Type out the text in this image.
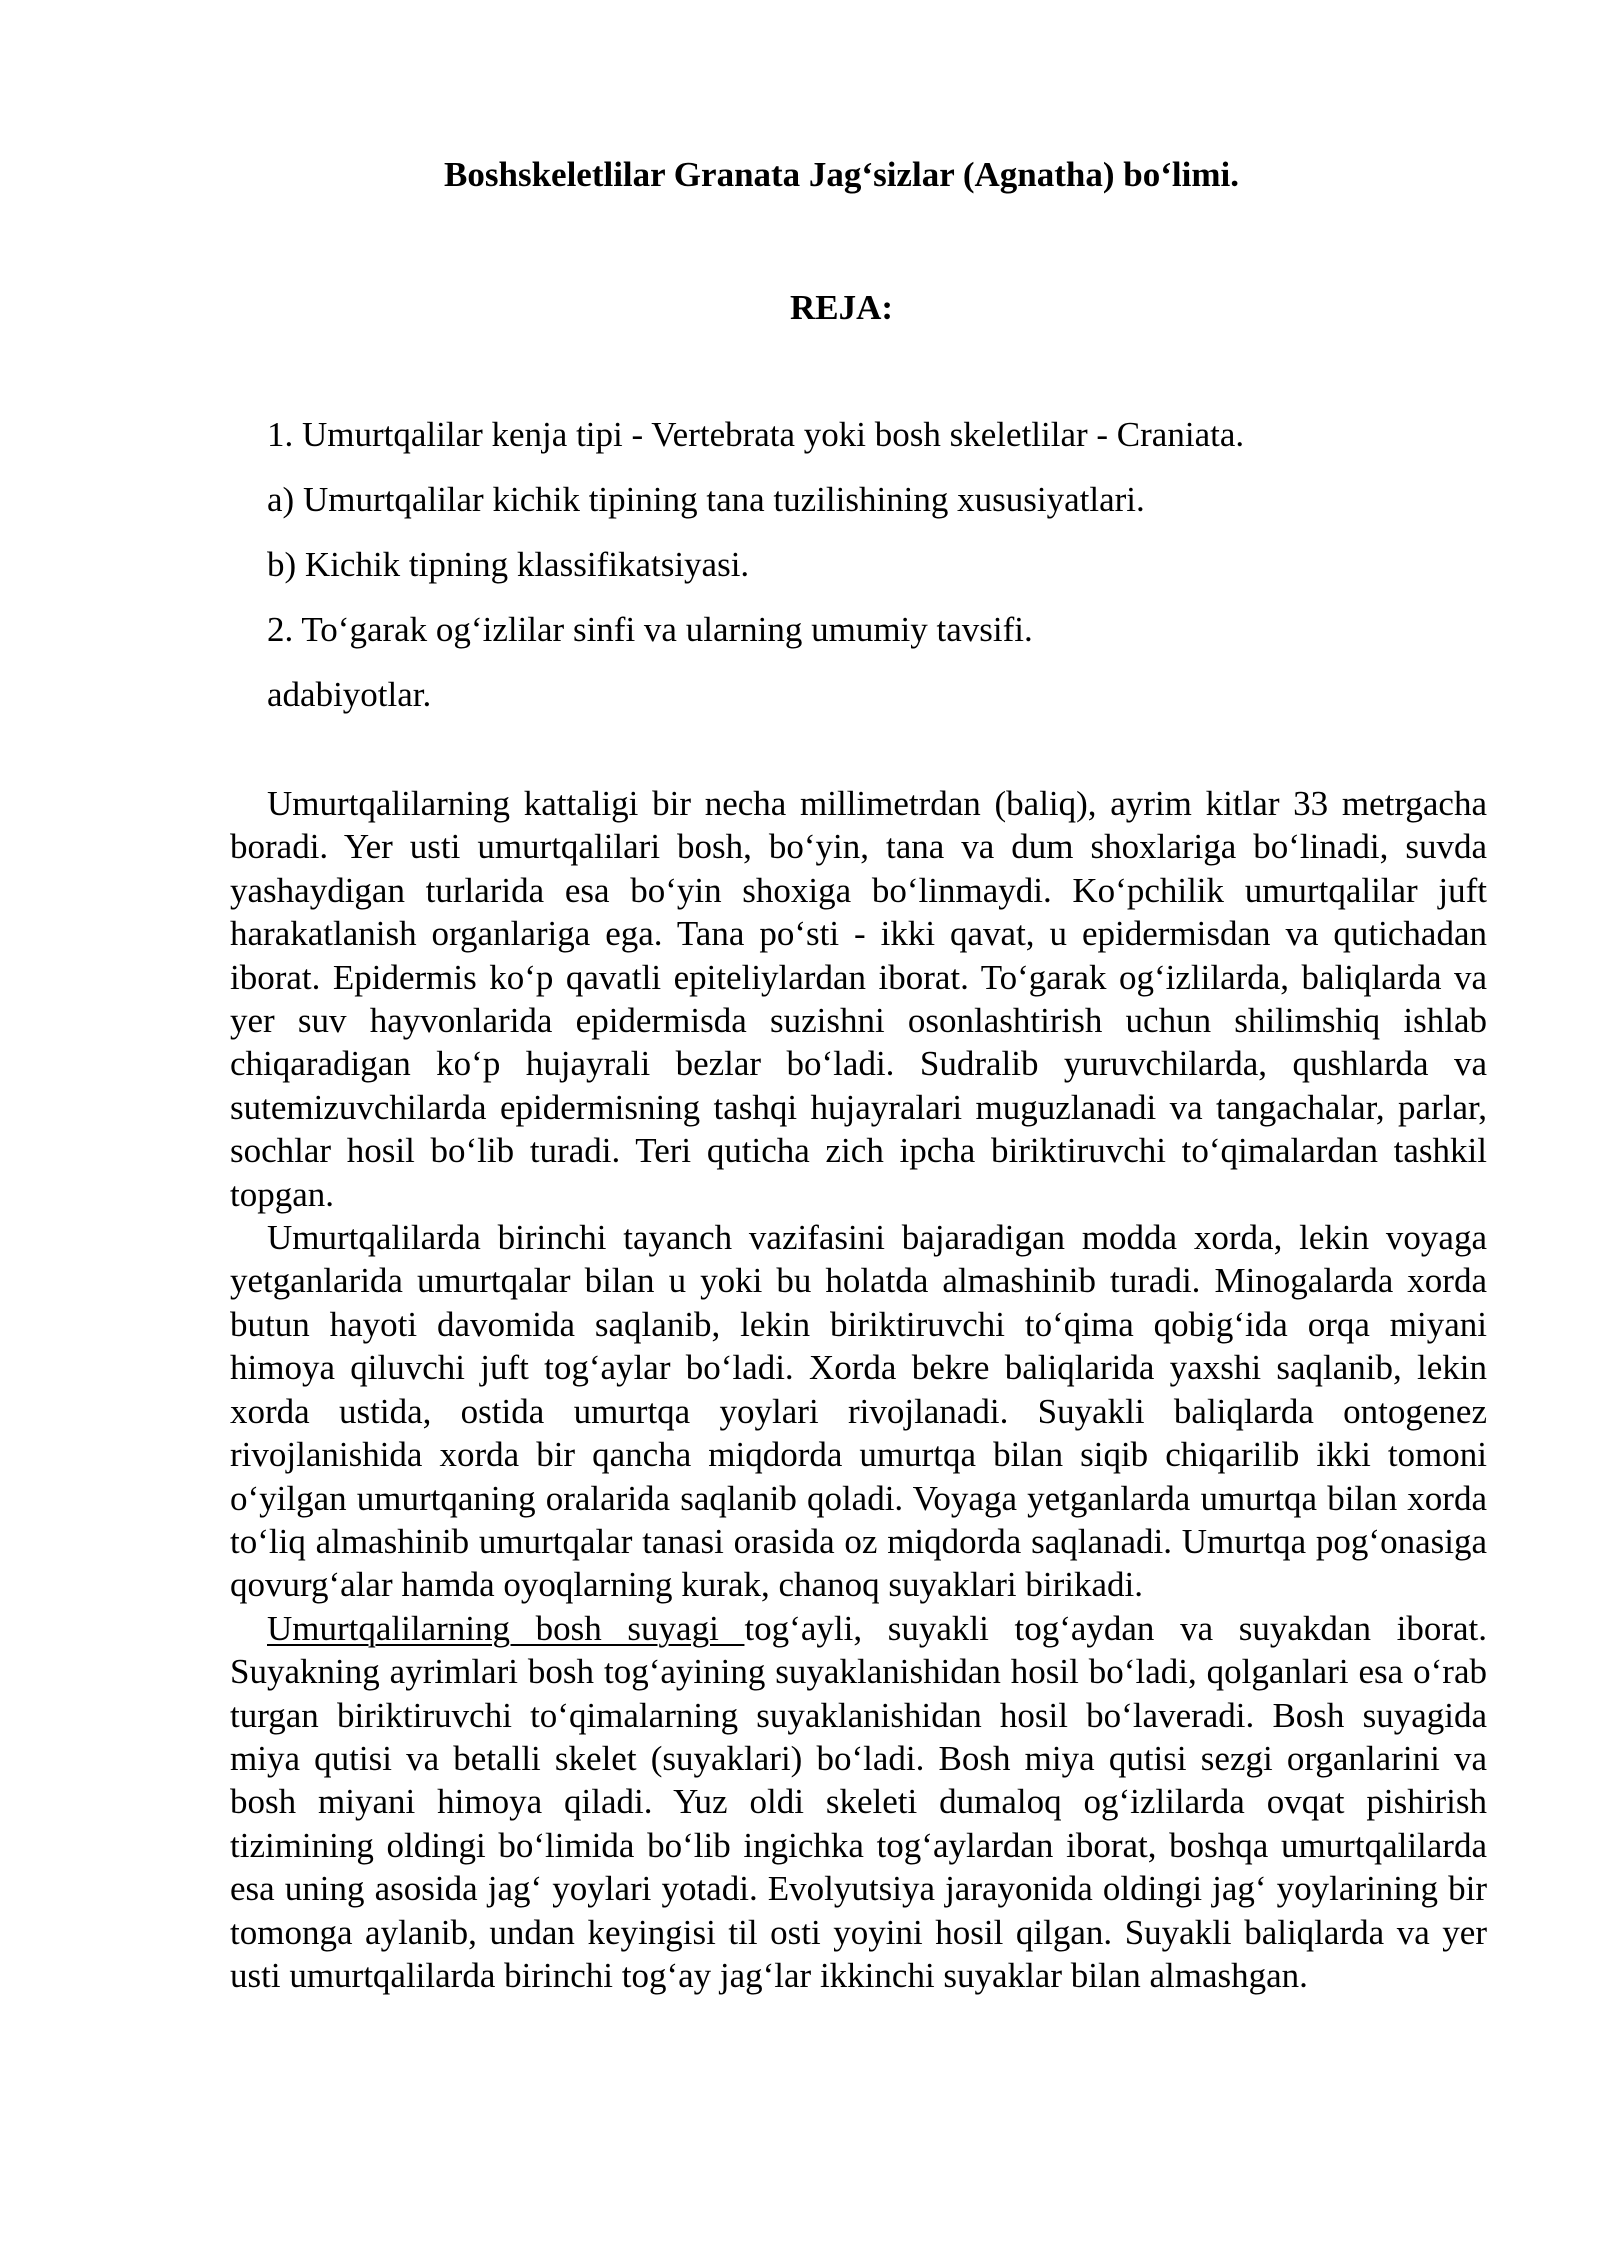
Boshskeletlilar Granata Jag‘sizlar (Agnatha) bo‘limi.
REJA:
1. Umurtqalilar kenja tipi - Vertebrata yoki bosh skeletlilar - Craniata.
a) Umurtqalilar kichik tipining tana tuzilishining xususiyatlari.
b) Kichik tipning klassifikatsiyasi.
2. To‘garak og‘izlilar sinfi va ularning umumiy tavsifi.
adabiyotlar.

Umurtqalilarning kattaligi bir necha millimetrdan (baliq), ayrim kitlar 33 metrgacha boradi. Yer usti umurtqalilari bosh, bo‘yin, tana va dum shoxlariga bo‘linadi, suvda yashaydigan turlarida esa bo‘yin shoxiga bo‘linmaydi. Ko‘pchilik umurtqalilar juft harakatlanish organlariga ega. Tana po‘sti - ikki qavat, u epidermisdan va qutichadan iborat. Epidermis ko‘p qavatli epiteliylardan iborat. To‘garak og‘izlilarda, baliqlarda va yer suv hayvonlarida epidermisda suzishni osonlashtirish uchun shilimshiq ishlab chiqaradigan ko‘p hujayrali bezlar bo‘ladi. Sudralib yuruvchilarda, qushlarda va sutemizuvchilarda epidermisning tashqi hujayralari muguzlanadi va tangachalar, parlar, sochlar hosil bo‘lib turadi. Teri quticha zich ipcha biriktiruvchi to‘qimalardan tashkil topgan.

Umurtqalilarda birinchi tayanch vazifasini bajaradigan modda xorda, lekin voyaga yetganlarida umurtqalar bilan u yoki bu holatda almashinib turadi. Minogalarda xorda butun hayoti davomida saqlanib, lekin biriktiruvchi to‘qima qobig‘ida orqa miyani himoya qiluvchi juft tog‘aylar bo‘ladi. Xorda bekre baliqlarida yaxshi saqlanib, lekin xorda ustida, ostida umurtqa yoylari rivojlanadi. Suyakli baliqlarda ontogenez rivojlanishida xorda bir qancha miqdorda umurtqa bilan siqib chiqarilib ikki tomoni o‘yilgan umurtqaning oralarida saqlanib qoladi. Voyaga yetganlarda umurtqa bilan xorda to‘liq almashinib umurtqalar tanasi orasida oz miqdorda saqlanadi. Umurtqa pog‘onasiga qovurg‘alar hamda oyoqlarning kurak, chanoq suyaklari birikadi.

Umurtqalilarning bosh suyagi tog‘ayli, suyakli tog‘aydan va suyakdan iborat. Suyakning ayrimlari bosh tog‘ayining suyaklanishidan hosil bo‘ladi, qolganlari esa o‘rab turgan biriktiruvchi to‘qimalarning suyaklanishidan hosil bo‘laveradi. Bosh suyagida miya qutisi va betalli skelet (suyaklari) bo‘ladi. Bosh miya qutisi sezgi organlarini va bosh miyani himoya qiladi. Yuz oldi skeleti dumaloq og‘izlilarda ovqat pishirish tizimining oldingi bo‘limida bo‘lib ingichka tog‘aylardan iborat, boshqa umurtqalilarda esa uning asosida jag‘ yoylari yotadi. Evolyutsiya jarayonida oldingi jag‘ yoylarining bir tomonga aylanib, undan keyingisi til osti yoyini hosil qilgan. Suyakli baliqlarda va yer usti umurtqalilarda birinchi tog‘ay jag‘lar ikkinchi suyaklar bilan almashgan.
